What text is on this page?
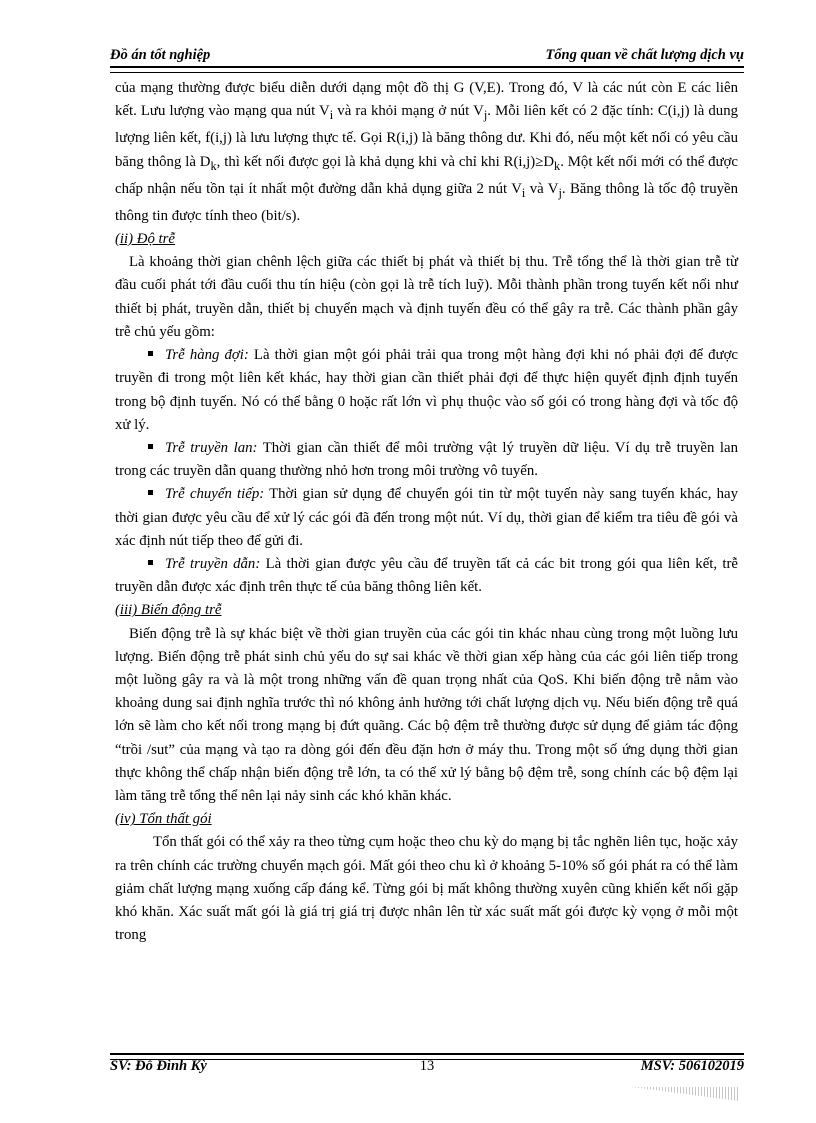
Đồ án tốt nghiệp	Tổng quan về chất lượng dịch vụ

của mạng thường được biểu diễn dưới dạng một đồ thị G (V,E). Trong đó, V là các nút còn E các liên kết. Lưu lượng vào mạng qua nút $V_i$ và ra khỏi mạng ở nút $V_j$. Mỗi liên kết có 2 đặc tính: C(i,j) là dung lượng liên kết, f(i,j) là lưu lượng thực tế. Gọi R(i,j) là băng thông dư. Khi đó, nếu một kết nối có yêu cầu băng thông là $D_k$, thì kết nối được gọi là khả dụng khi và chỉ khi $R(i,j)\ge D_k$. Một kết nối mới có thể được chấp nhận nếu tồn tại ít nhất một đường dẫn khả dụng giữa 2 nút $V_i$ và $V_j$. Băng thông là tốc độ truyền thông tin được tính theo (bit/s).

(ii) Độ trễ

Là khoảng thời gian chênh lệch giữa các thiết bị phát và thiết bị thu. Trễ tổng thể là thời gian trễ từ đầu cuối phát tới đầu cuối thu tín hiệu (còn gọi là trễ tích luỹ). Mỗi thành phần trong tuyến kết nối như thiết bị phát, truyền dẫn, thiết bị chuyển mạch và định tuyến đều có thể gây ra trễ. Các thành phần gây trễ chủ yếu gồm:

Trễ hàng đợi: Là thời gian một gói phải trải qua trong một hàng đợi khi nó phải đợi để được truyền đi trong một liên kết khác, hay thời gian cần thiết phải đợi để thực hiện quyết định định tuyến trong bộ định tuyến. Nó có thể bằng 0 hoặc rất lớn vì phụ thuộc vào số gói có trong hàng đợi và tốc độ xử lý.

Trễ truyền lan: Thời gian cần thiết để môi trường vật lý truyền dữ liệu. Ví dụ trễ truyền lan trong các truyền dẫn quang thường nhỏ hơn trong môi trường vô tuyến.

Trễ chuyển tiếp: Thời gian sử dụng để chuyển gói tin từ một tuyến này sang tuyến khác, hay thời gian được yêu cầu để xử lý các gói đã đến trong một nút. Ví dụ, thời gian để kiểm tra tiêu đề gói và xác định nút tiếp theo để gửi đi.

Trễ truyền dẫn: Là thời gian được yêu cầu để truyền tất cả các bit trong gói qua liên kết, trễ truyền dẫn được xác định trên thực tế của băng thông liên kết.

(iii) Biến động trễ

Biến động trễ là sự khác biệt về thời gian truyền của các gói tin khác nhau cùng trong một luồng lưu lượng. Biến động trễ phát sinh chủ yếu do sự sai khác về thời gian xếp hàng của các gói liên tiếp trong một luồng gây ra và là một trong những vấn đề quan trọng nhất của QoS. Khi biến động trễ nằm vào khoảng dung sai định nghĩa trước thì nó không ảnh hưởng tới chất lượng dịch vụ. Nếu biến động trễ quá lớn sẽ làm cho kết nối trong mạng bị đứt quãng. Các bộ đệm trễ thường được sử dụng để giảm tác động “trồi /sut” của mạng và tạo ra dòng gói đến đều đặn hơn ở máy thu. Trong một số ứng dụng thời gian thực không thể chấp nhận biến động trễ lớn, ta có thể xử lý bằng bộ đệm trễ, song chính các bộ đệm lại làm tăng trễ tổng thể nên lại nảy sinh các khó khăn khác.

(iv) Tổn thất gói

Tổn thất gói có thể xảy ra theo từng cụm hoặc theo chu kỳ do mạng bị tắc nghẽn liên tục, hoặc xảy ra trên chính các trường chuyển mạch gói. Mất gói theo chu kì ở khoảng 5-10% số gói phát ra có thể làm giảm chất lượng mạng xuống cấp đáng kể. Từng gói bị mất không thường xuyên cũng khiến kết nối gặp khó khăn. Xác suất mất gói là giá trị giá trị được nhân lên từ xác suất mất gói được kỳ vọng ở mỗi một trong

SV: Đỗ Đình Kỳ	13	MSV: 506102019
